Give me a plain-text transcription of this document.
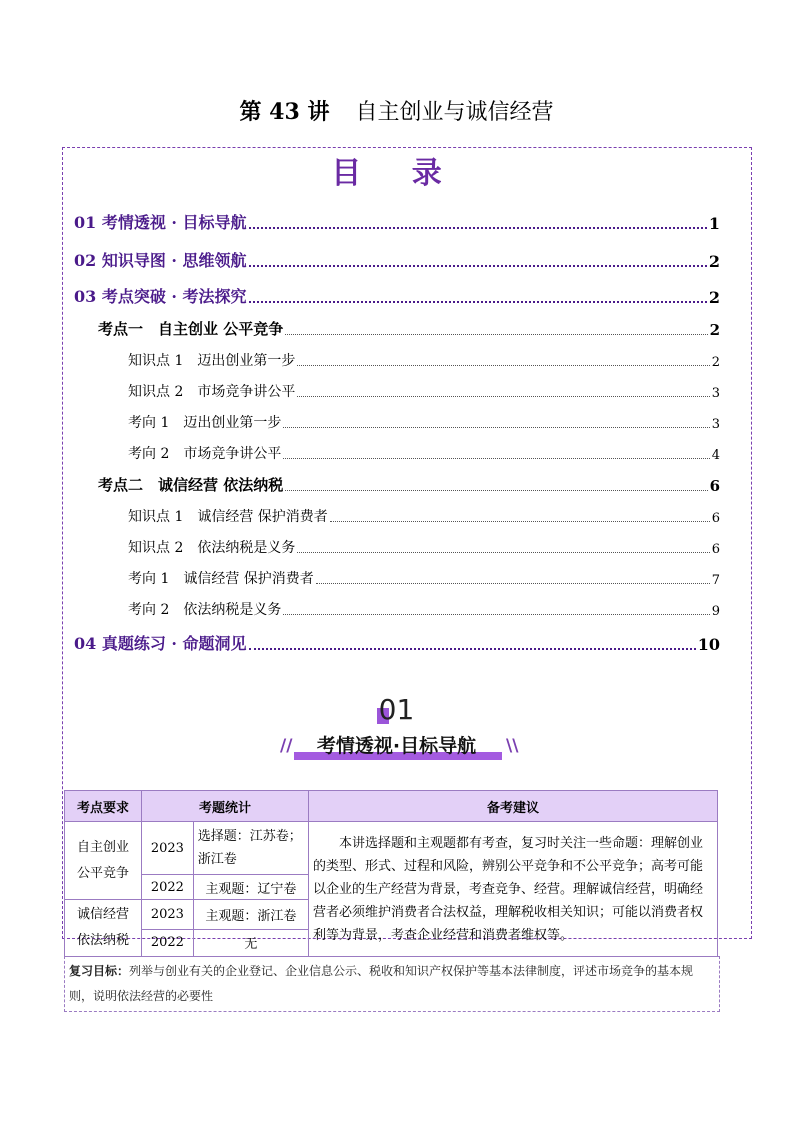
第 43 讲 自主创业与诚信经营
目 录
01 考情透视 · 目标导航	1
02 知识导图 · 思维领航	2
03 考点突破 · 考法探究	2
考点一　自主创业 公平竞争	2
知识点 1　迈出创业第一步	2
知识点 2　市场竞争讲公平	3
考向 1　迈出创业第一步	3
考向 2　市场竞争讲公平	4
考点二　诚信经营 依法纳税	6
知识点 1　诚信经营 保护消费者	6
知识点 2　依法纳税是义务	6
考向 1　诚信经营 保护消费者	7
考向 2　依法纳税是义务	9
04 真题练习 · 命题洞见	10
01
//	\\
考情透视·目标导航
考点要求	考题统计		备考建议
自主创业
公平竞争	2023	选择题：江苏卷；浙江卷	本讲选择题和主观题都有考查，复习时关注一些命题：理解创业的类型、形式、过程和风险，辨别公平竞争和不公平竞争；高考可能以企业的生产经营为背景，考查竞争、经营。理解诚信经营，明确经营者必须维护消费者合法权益，理解税收相关知识；可能以消费者权利等为背景，考查企业经营和消费者维权等。
	2022	主观题：辽宁卷	
诚信经营
依法纳税	2023	主观题：浙江卷	
	2022	无	
复习目标：列举与创业有关的企业登记、企业信息公示、税收和知识产权保护等基本法律制度，评述市场竞争的基本规则，说明依法经营的必要性
